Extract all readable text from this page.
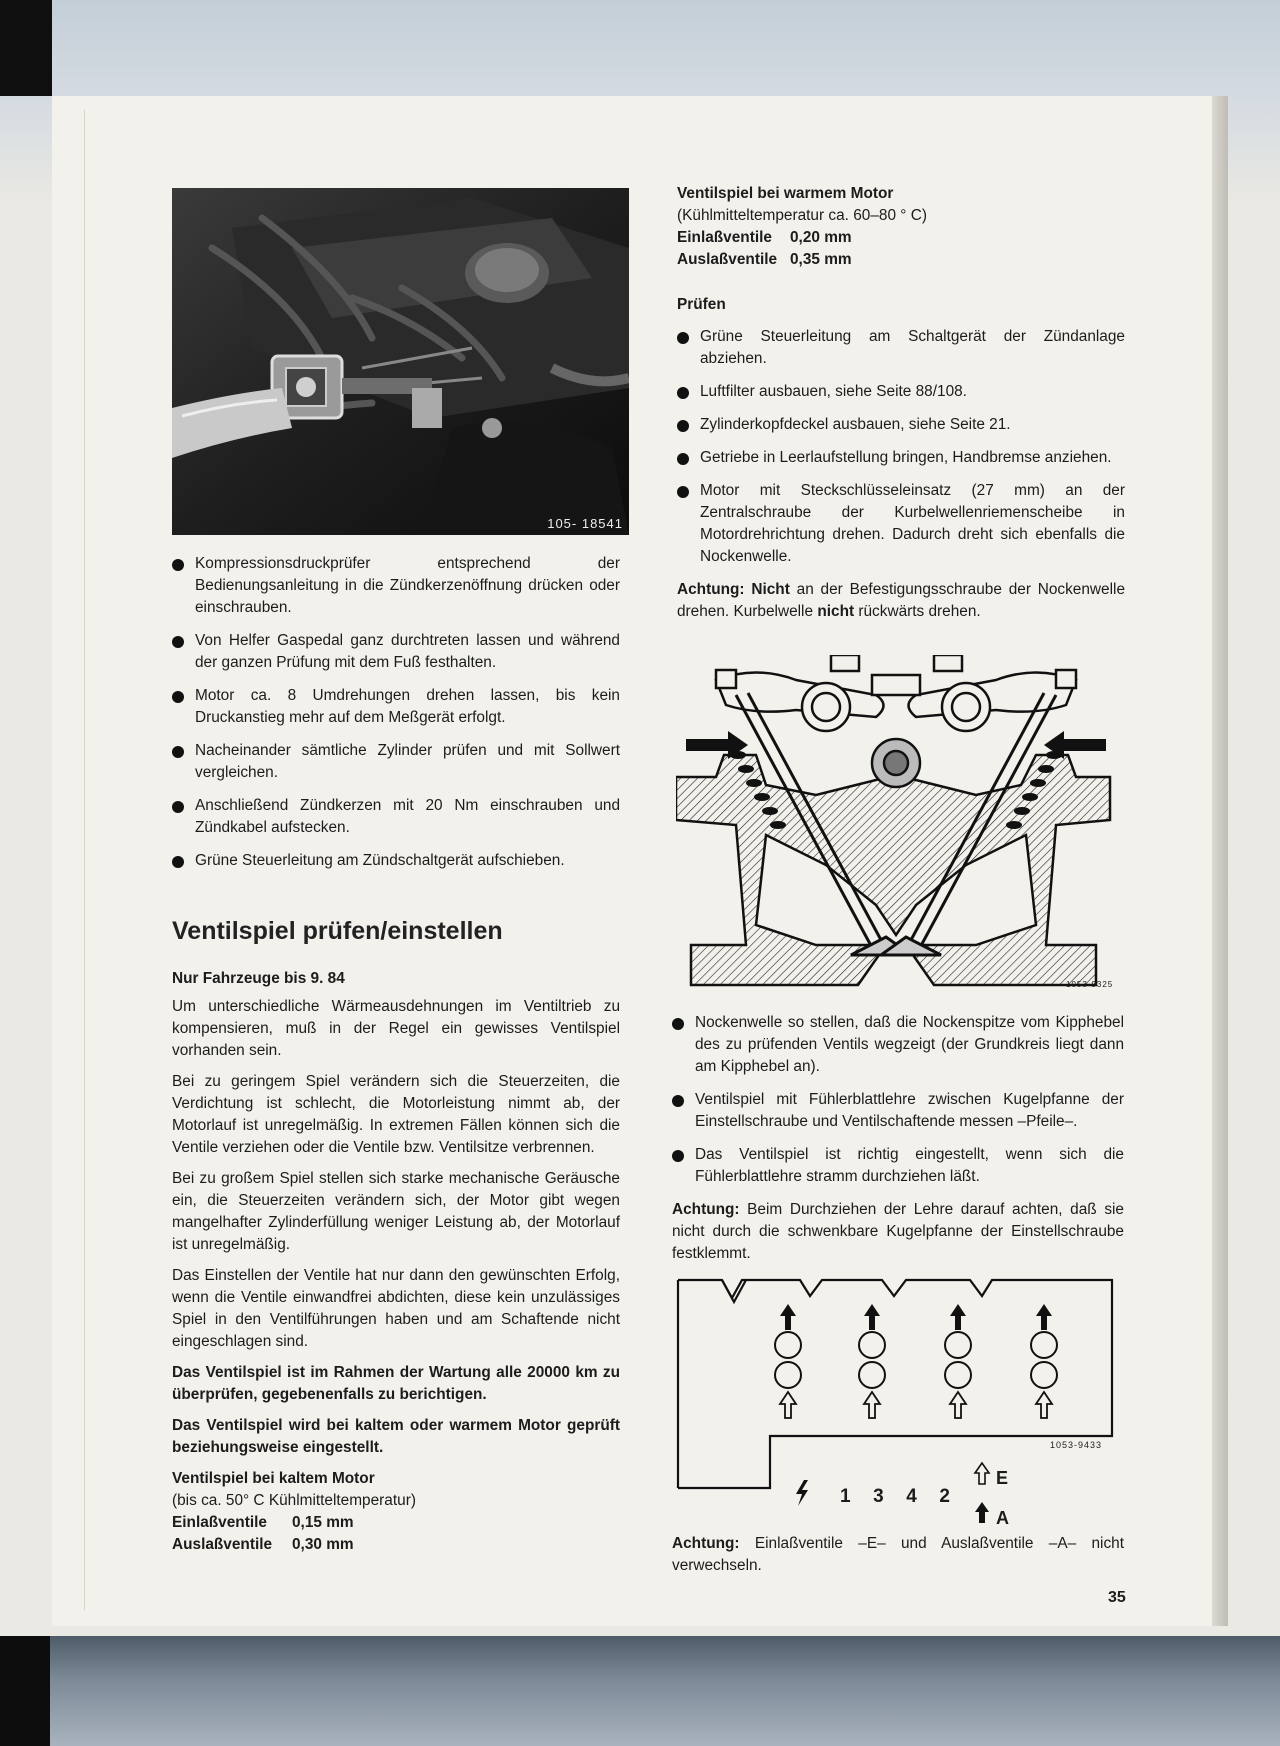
105- 18541
Kompressionsdruckprüfer entsprechend der Bedienungsanleitung in die Zündkerzenöffnung drücken oder einschrauben.
Von Helfer Gaspedal ganz durchtreten lassen und während der ganzen Prüfung mit dem Fuß festhalten.
Motor ca. 8 Umdrehungen drehen lassen, bis kein Druckanstieg mehr auf dem Meßgerät erfolgt.
Nacheinander sämtliche Zylinder prüfen und mit Sollwert vergleichen.
Anschließend Zündkerzen mit 20 Nm einschrauben und Zündkabel aufstecken.
Grüne Steuerleitung am Zündschaltgerät aufschieben.
Ventilspiel prüfen/einstellen
Nur Fahrzeuge bis 9. 84

Um unterschiedliche Wärmeausdehnungen im Ventiltrieb zu kompensieren, muß in der Regel ein gewisses Ventilspiel vorhanden sein.

Bei zu geringem Spiel verändern sich die Steuerzeiten, die Verdichtung ist schlecht, die Motorleistung nimmt ab, der Motorlauf ist unregelmäßig. In extremen Fällen können sich die Ventile verziehen oder die Ventile bzw. Ventilsitze verbrennen.

Bei zu großem Spiel stellen sich starke mechanische Geräusche ein, die Steuerzeiten verändern sich, der Motor gibt wegen mangelhafter Zylinderfüllung weniger Leistung ab, der Motorlauf ist unregelmäßig.

Das Einstellen der Ventile hat nur dann den gewünschten Erfolg, wenn die Ventile einwandfrei abdichten, diese kein unzulässiges Spiel in den Ventilführungen haben und am Schaftende nicht eingeschlagen sind.

Das Ventilspiel ist im Rahmen der Wartung alle 20000 km zu überprüfen, gegebenenfalls zu berichtigen.

Das Ventilspiel wird bei kaltem oder warmem Motor geprüft beziehungsweise eingestellt.

Ventilspiel bei kaltem Motor
(bis ca. 50° C Kühlmitteltemperatur)
Einlaßventile	0,15 mm
Auslaßventile	0,30 mm
Ventilspiel bei warmem Motor
(Kühlmitteltemperatur ca. 60–80 ° C)
Einlaßventile	0,20 mm
Auslaßventile 0,35 mm
Prüfen
Grüne Steuerleitung am Schaltgerät der Zündanlage abziehen.
Luftfilter ausbauen, siehe Seite 88/108.
Zylinderkopfdeckel ausbauen, siehe Seite 21.
Getriebe in Leerlaufstellung bringen, Handbremse anziehen.
Motor mit Steckschlüsseleinsatz (27 mm) an der Zentralschraube der Kurbelwellenriemenscheibe in Motordrehrichtung drehen. Dadurch dreht sich ebenfalls die Nockenwelle.

Achtung: Nicht an der Befestigungsschraube der Nockenwelle drehen. Kurbelwelle nicht rückwärts drehen.

1053-9325
Nockenwelle so stellen, daß die Nockenspitze vom Kipphebel des zu prüfenden Ventils wegzeigt (der Grundkreis liegt dann am Kipphebel an).
Ventilspiel mit Fühlerblattlehre zwischen Kugelpfanne der Einstellschraube und Ventilschaftende messen –Pfeile–.
Das Ventilspiel ist richtig eingestellt, wenn sich die Fühlerblattlehre stramm durchziehen läßt.

Achtung: Beim Durchziehen der Lehre darauf achten, daß sie nicht durch die schwenkbare Kugelpfanne der Einstellschraube festklemmt.

1053-9433
1  3  4  2
E
A

Achtung: Einlaßventile –E– und Auslaßventile –A– nicht verwechseln.

35
